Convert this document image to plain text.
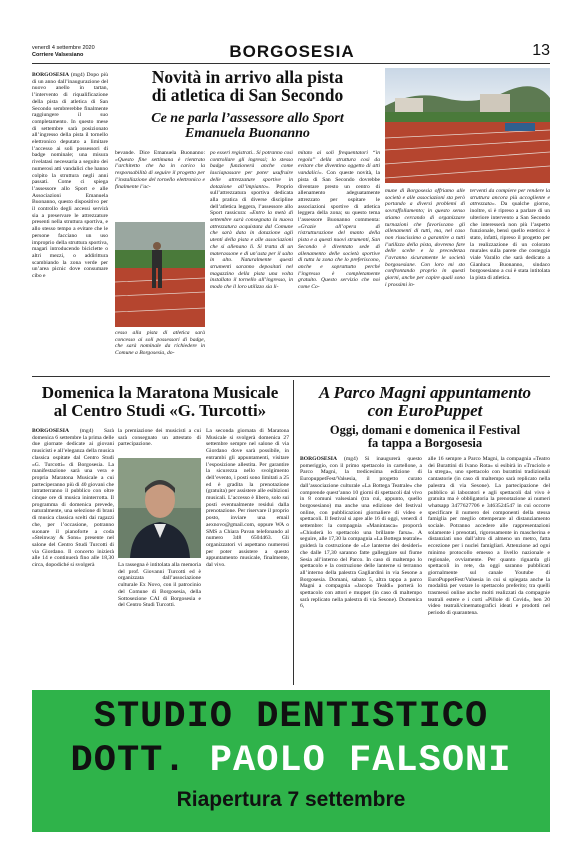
venerdì 4 settembre 2020
Corriere Valsesiano	BORGOSESIA	13
BORGOSESIA (mg4) Dopo più di un anno dall’inaugurazione del nuovo anello in tartan, l’intervento di riqualificazione della pista di atletica di San Secondo sembrerebbe finalmente raggiungere il suo completamento. In questo mese di settembre sarà posizionato all’ingresso della pista il tornello elettronico deputato a limitare l’accesso ai soli possessori di badge nominale; una misura rivelatasi necessaria a seguito dei numerosi atti vandalici che hanno colpito la struttura negli anni passati. Come ci spiega l’assessore allo Sport e alle Associazioni Emanuela Buonanno, questo dispositivo per il controllo degli accessi servirà sia a preservare le attrezzature presenti nella struttura sportiva, e allo stesso tempo a evitare che le persone facciano un uso improprio della struttura sportiva, magari introducendo biciclette o altri mezzi, o addirittura scambiando la zona verde per un’area picnic dove consumare cibo e
Novità in arrivo alla pista
di atletica di San Secondo
Ce ne parla l’assessore allo Sport
Emanuela Buonanno
bevande. Dice Emanuela Buonanno: «Questo fine settimana è rientrato l’architetto che ha in carico la responsabilità di seguire il progetto per l’installazione del tornello elettronico e finalmente l’ac-
cesso alla pista di atletica sarà concesso ai soli possessori di badge, che sarà nominale da richiedere in Comune a Borgosesia, do-
po esseri registrati.. Si potranno così controllare gli ingressi; lo stesso badge funzionerà anche come lasciapassare per poter usufruire delle attrezzature sportive in dotazione all’impianto». Proprio sull’attrezzatura sportiva dedicata alla pratica di diverse discipline dell’atletica leggera, l’assessore allo Sport rassicura: «Entro la metà di settembre sarà consegnata la nuova attrezzatura acquistata dal Comune che sarà data in dotazione agli utenti della pista e alle associazioni che si allenano lì. Si tratta di un materassone e di un’asta per il salto in alto. Naturalmente questi strumenti saranno depositati nel magazzino della pista una volta installato il tornello all’ingresso, in modo che il loro utilizzo sia li-
mitato ai soli frequentatori “in regola” della struttura così da evitare che diventino oggetto di atti vandalici». Con queste novità, la pista di San Secondo dovrebbe diventare presto un centro di allenamento adeguatamente attrezzato per ospitare le associazioni sportive di atletica leggera della zona; su questo tema l’assessore Buonanno commenta: «Grazie all’opera di ristrutturazione del manto della pista e a questi nuovi strumenti, San Secondo è diventato sede di allenamento delle società sportive di tutta la zona che lo preferiscono, anche e soprattutto perché l’ingresso è completamente gratuito. Questo servizio che noi come Co-
mune di Borgosesia offriamo alle società e alle associazioni sta però portando a diversi problemi di sovraffollamento; in questo senso stiamo cercando di organizzare turnazioni che favoriscano gli allenamenti di tutti, ma, nel caso non riuscissimo a garantire a tutti l’utilizzo della pista, dovremo fare delle scelte e la precedenza l’avranno sicuramente le società borgosesiane. Con loro mi sto confrontando proprio in questi giorni, anche per capire quali sono i prossimi in-
terventi da compiere per rendere la struttura ancora più accogliente e attrezzata». Da qualche giorno, inoltre, si è ripreso a parlare di un ulteriore intervento a San Secondo che interesserà non più l’aspetto funzionale, bensì quello estetico: è stato, infatti, ripreso il progetto per la realizzazione di un colorato murales sulla parete che costeggia viale Varallo che sarà dedicato a Gianluca Buonanno, sindaco borgosesiano a cui è stata intitolata la pista di atletica.
Domenica la Maratona Musicale
al Centro Studi «G. Turcotti»
BORGOSESIA (mg4) Sarà domenica 6 settembre la prima delle due giornate dedicate ai giovani musicisti e all’eleganza della musica classica ospitate dal Centro Studi «G. Turcotti» di Borgosesia. La manifestazione sarà una vera e propria Maratona Musicale a cui parteciperanno più di 40 giovani che intratterranno il pubblico con oltre cinque ore di musica ininterrotta. Il programma di domenica prevede, naturalmente, una selezione di brani di musica classica scelti dai ragazzi che, per l’occasione, potranno suonare il pianoforte a coda «Steinway & Sons» presente nel salone del Centro Studi Turcotti di via Giordano. Il concerto inizierà alle 14 e continuerà fino alle 18,30 circa, dopodiché si svolgerà
la premiazione dei musicisti a cui sarà consegnato un attestato di partecipazione.
La rassegna è intitolata alla memoria del prof. Giovanni Turcotti ed è organizzata dall’associazione culturale Ex Novo, con il patrocinio del Comune di Borgosesia, della Sottosezione CAI di Borgosesia e del Centro Studi Turcotti.
La seconda giornata di Maratona Musicale si svolgerà domenica 27 settembre sempre nel salone di via Giordano dove sarà possibile, in entrambi gli appuntamenti, visitare l’esposizione allestita. Per garantire la sicurezza nello svolgimento dell’evento, i posti sono limitati a 25 ed è gradita la prenotazione (gratuita) per assistere alle esibizioni musicali. L’accesso è libero, solo sui posti eventualmente residui dalla prenotazione. Per riservare il proprio posto, inviare una email aexnovo@gmail.com, oppure WA o SMS a Chiara Pavan telefonando al numero 348 6504463. Gli organizzatori vi aspettano numerosi per poter assistere a questo appuntamento musicale, finalmente, dal vivo.
A Parco Magni appuntamento
con EuroPuppet
Oggi, domani e domenica il Festival
fa tappa a Borgosesia
BORGOSESIA (mg4) Si inaugurerà questo pomeriggio, con il primo spettacolo in cartellone, a Parco Magni, la tredicesima edizione di EuropuppetFest/Valsesia, il progetto curato dall’associazione culturale «La Bottega Teatrale» che comprende quest’anno 10 giorni di spettacoli dal vivo in 8 comuni valsesiani (tra cui, appunto, quello borgosesiano) ma anche una edizione del festival online, con pubblicazioni giornaliere di video e spettacoli. Il festival si apre alle 16 di oggi, venerdì 4 settembre: la compagnia «Manintasca» proporrà «Chiuderà lo spettacolo una brillante farsa». A seguire, alle 17,30 la compagnia «La Bottega teatrale» guiderà la costruzione de «Le lanterne dei desideri» che dalle 17,30 saranno fatte galleggiare sul fiume Sesia all’interno del Parco. In caso di maltempo lo spettacolo e la costruzione delle lanterne si terranno all’interno della palestra Gagliardini in via Sesone a Borgosesia. Domani, sabato 5, altra tappa a parco Magni a compagnia «Jacopo Tealdi» porterà lo spettacolo con attori e muppet (in caso di maltempo sarà replicato nella palestra di via Sesone). Domenica 6,
alle 16 sempre a Parco Magni, la compagnia «Teatro dei Burattini di Ivano Rota» si esibirà in «Truciolo e la strega», uno spettacolo con burattini tradizionali cantastorie (in caso di maltempo sarà replicato nella palestra di via Sesone). La partecipazione del pubblico ai laboratori e agli spettacoli dal vivo è gratuita ma è obbligatoria la prenotazione ai numeri whatsapp 3477627706 e 3463524547 in cui occorre specificare il numero dei componenti della stessa famiglia per meglio ottemperare al distanziamento sociale. Potranno accedere alle rappresentazioni solamente i prenotati, rigorosamente in mascherina e distanziati uno dall’altro di almeno un metro, fatta eccezione per i nuclei famigliari. Attenzione ad ogni minimo protocollo emesso a livello nazionale e regionale, ovviamente. Per quanto riguarda gli spettacoli in rete, da oggi saranno pubblicati giornalmente sul canale Youtube di EuroPuppetFest/Valsesia in cui si spiegata anche la modalità per votare lo spettacolo preferito; tra quelli trasmessi online anche molti realizzati da compagnie teatrali estere e i corti «Pillole di Covid», ben 20 video teatrali/cinematografici ideati e prodotti nel periodo di quarantena.
STUDIO DENTISTICO
DOTT. PAOLO FALSONI
Riapertura 7 settembre
